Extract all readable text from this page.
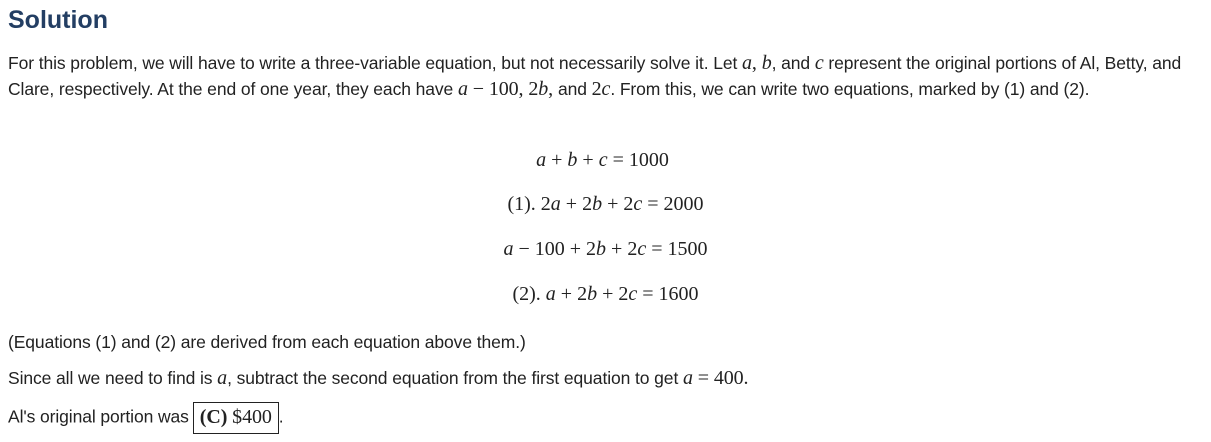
Solution

For this problem, we will have to write a three-variable equation, but not necessarily solve it. Let a, b, and c represent the original portions of Al, Betty, and Clare, respectively. At the end of one year, they each have a − 100, 2b, and 2c. From this, we can write two equations, marked by (1) and (2).

a + b + c = 1000

(1). 2a + 2b + 2c = 2000

a − 100 + 2b + 2c = 1500

(2). a + 2b + 2c = 1600

(Equations (1) and (2) are derived from each equation above them.)

Since all we need to find is a, subtract the second equation from the first equation to get a = 400.

Al's original portion was (C) $400 .
